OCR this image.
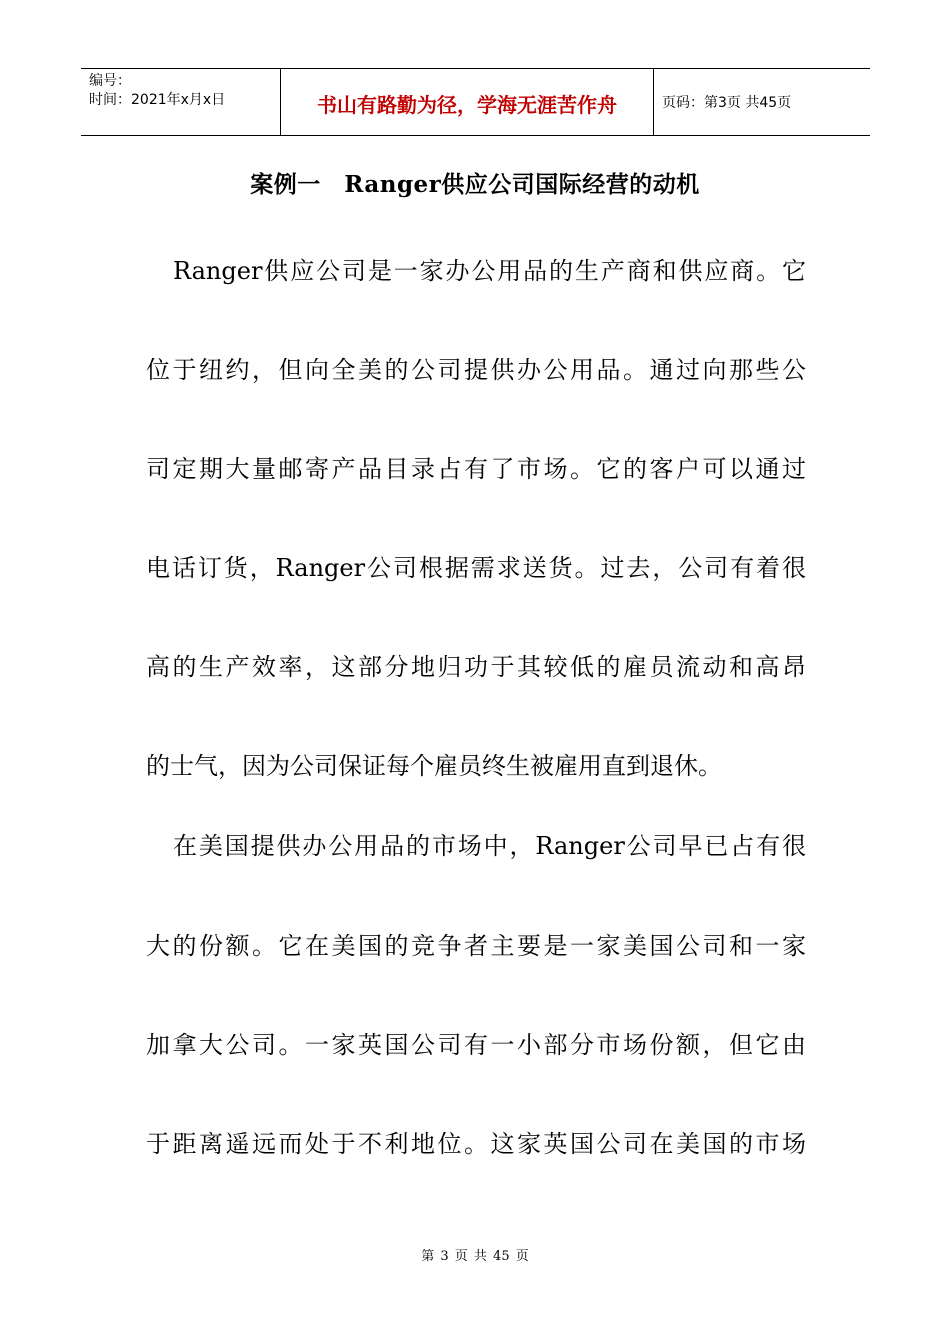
编号：
时间：2021年x月x日	书山有路勤为径，学海无涯苦作舟	页码：第3页 共45页
案例一　Ranger供应公司国际经营的动机
Ranger供应公司是一家办公用品的生产商和供应商。它
位于纽约，但向全美的公司提供办公用品。通过向那些公
司定期大量邮寄产品目录占有了市场。它的客户可以通过
电话订货，Ranger公司根据需求送货。过去，公司有着很
高的生产效率，这部分地归功于其较低的雇员流动和高昂
的士气，因为公司保证每个雇员终生被雇用直到退休。
在美国提供办公用品的市场中，Ranger公司早已占有很
大的份额。它在美国的竞争者主要是一家美国公司和一家
加拿大公司。一家英国公司有一小部分市场份额，但它由
于距离遥远而处于不利地位。这家英国公司在美国的市场
第 3 页 共 45 页
